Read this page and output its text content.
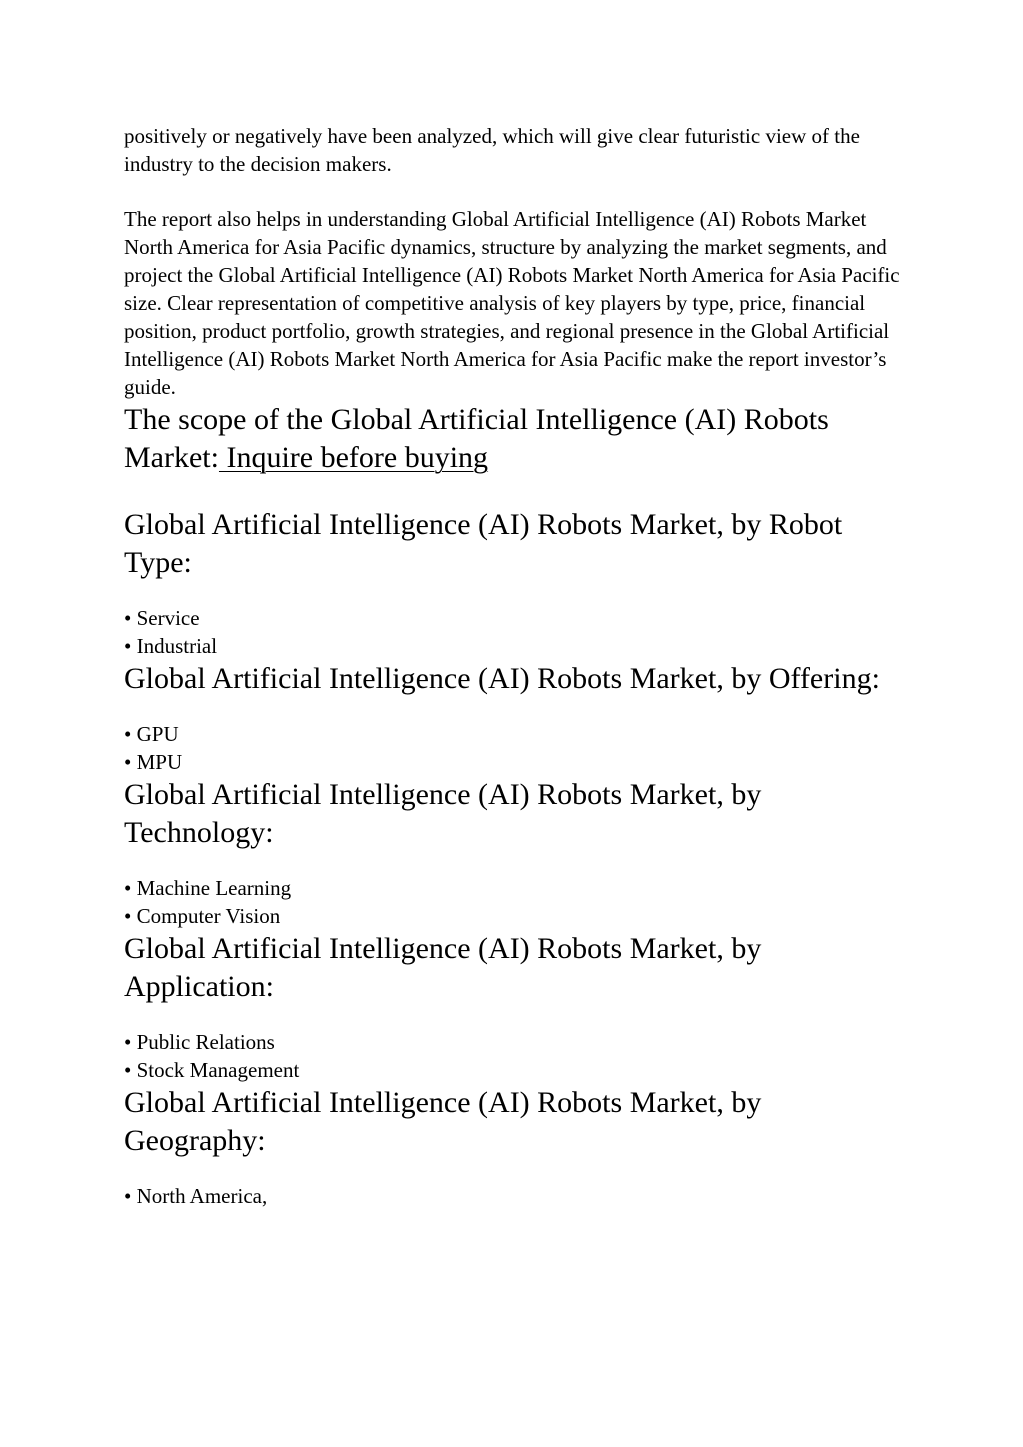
positively or negatively have been analyzed, which will give clear futuristic view of the industry to the decision makers.

The report also helps in understanding Global Artificial Intelligence (AI) Robots Market North America for Asia Pacific dynamics, structure by analyzing the market segments, and project the Global Artificial Intelligence (AI) Robots Market North America for Asia Pacific size. Clear representation of competitive analysis of key players by type, price, financial position, product portfolio, growth strategies, and regional presence in the Global Artificial Intelligence (AI) Robots Market North America for Asia Pacific make the report investor’s guide.

The scope of the Global Artificial Intelligence (AI) Robots Market: Inquire before buying
Global Artificial Intelligence (AI) Robots Market, by Robot Type:
• Service
• Industrial
Global Artificial Intelligence (AI) Robots Market, by Offering:
• GPU
• MPU
Global Artificial Intelligence (AI) Robots Market, by Technology:
• Machine Learning
• Computer Vision
Global Artificial Intelligence (AI) Robots Market, by Application:
• Public Relations
• Stock Management
Global Artificial Intelligence (AI) Robots Market, by Geography:
• North America,
